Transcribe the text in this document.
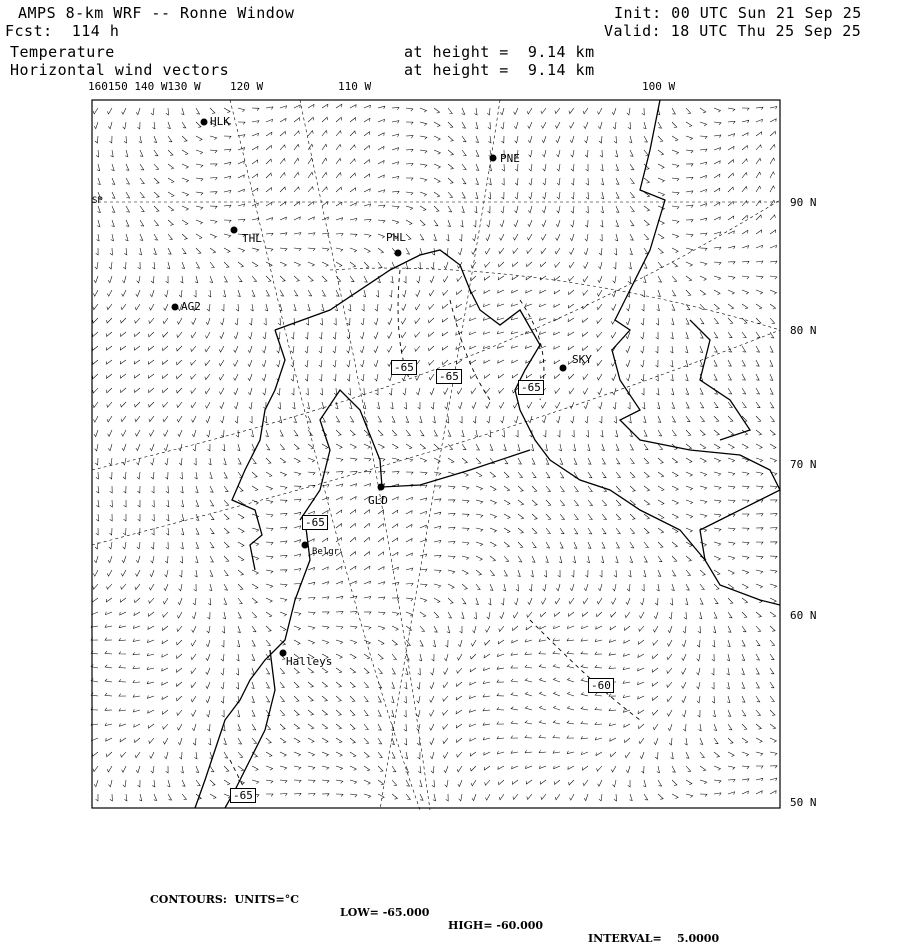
AMPS 8-km WRF -- Ronne Window
Fcst:  114 h
Init: 00 UTC Sun 21 Sep 25
Valid: 18 UTC Thu 25 Sep 25
Temperature	at height =  9.14 km
Horizontal wind vectors	at height =  9.14 km
160150 140 W130 W	120 W	110 W	100 W
90 N
80 N
70 N
60 N
50 N
SP
HLK
PNE
THL	PHL
AG2
SKY
GLD
Belgr
Halleys
-65
-65
-65
-65
-60
-65

CONTOURS:  UNITS=°C

LOW= -65.000

HIGH= -60.000

INTERVAL=    5.0000
